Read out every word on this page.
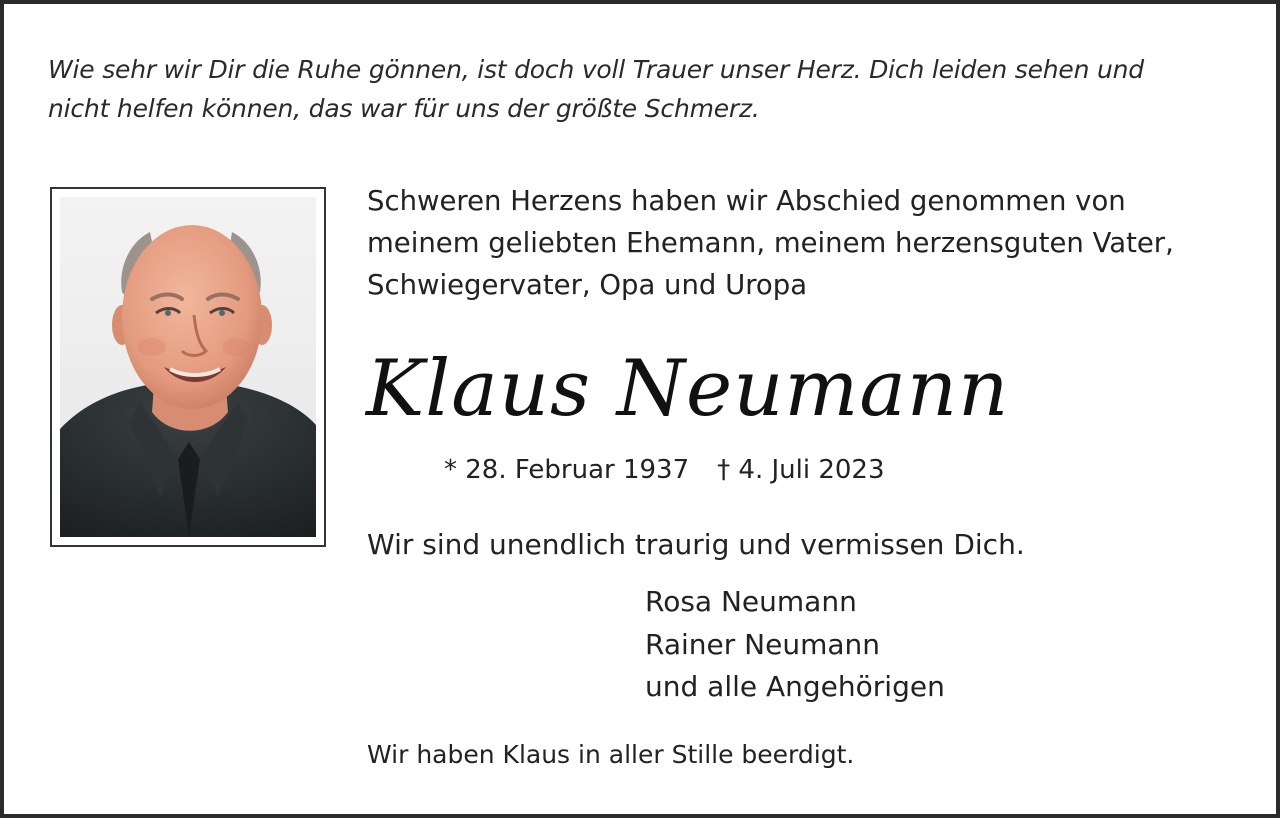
Wie sehr wir Dir die Ruhe gönnen, ist doch voll Trauer unser Herz. Dich leiden sehen und
nicht helfen können, das war für uns der größte Schmerz.
Schweren Herzens haben wir Abschied genommen von
meinem geliebten Ehemann, meinem herzensguten Vater,
Schwiegervater, Opa und Uropa
Klaus Neumann
* 28. Februar 1937 † 4. Juli 2023
Wir sind unendlich traurig und vermissen Dich.
Rosa Neumann
Rainer Neumann
und alle Angehörigen
Wir haben Klaus in aller Stille beerdigt.
